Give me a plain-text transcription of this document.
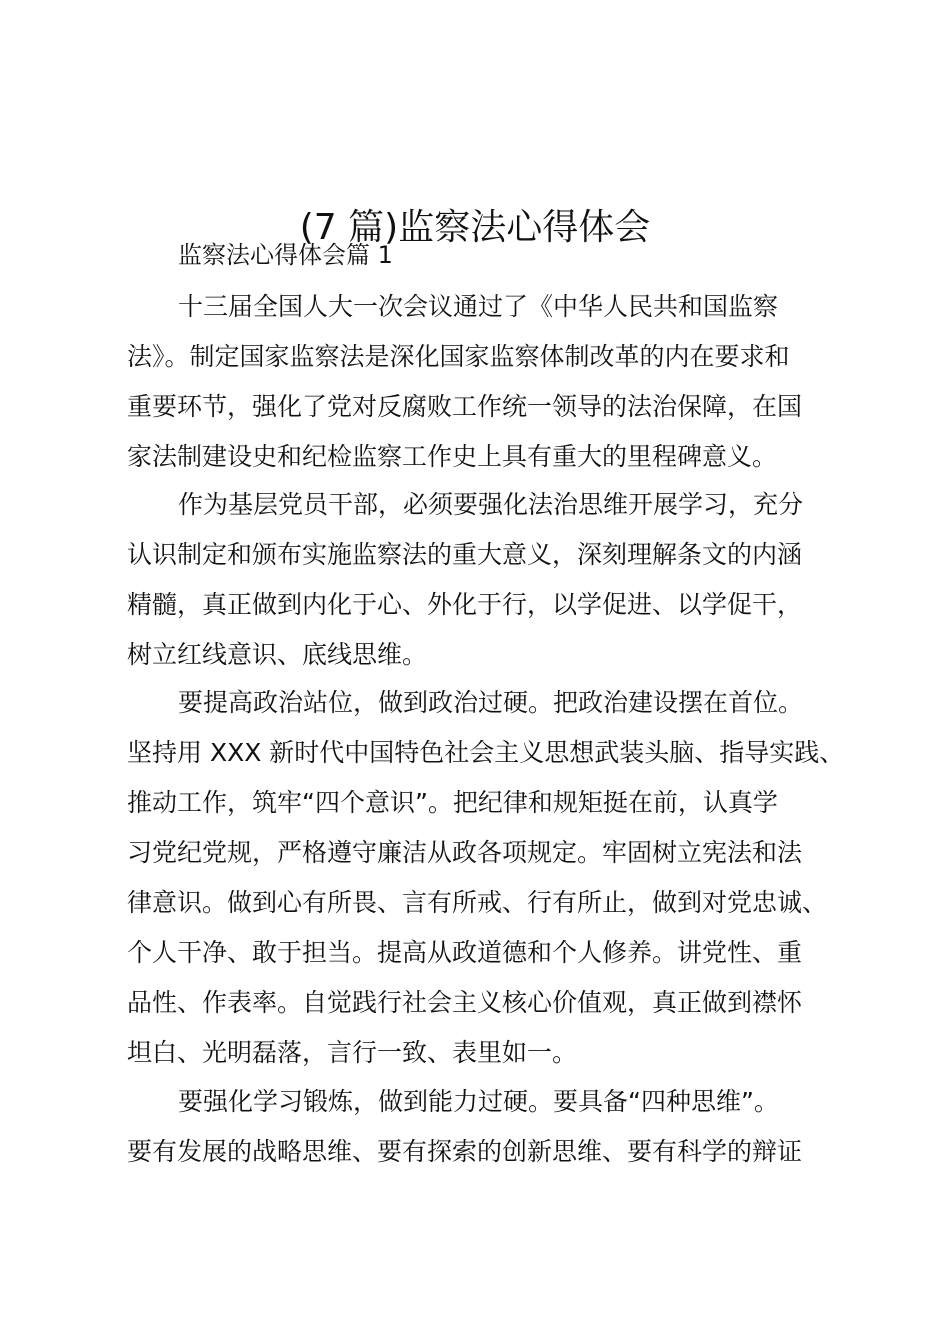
(7 篇)监察法心得体会
监察法心得体会篇 1
十三届全国人大一次会议通过了《中华人民共和国监察
法》。制定国家监察法是深化国家监察体制改革的内在要求和
重要环节，强化了党对反腐败工作统一领导的法治保障，在国
家法制建设史和纪检监察工作史上具有重大的里程碑意义。
作为基层党员干部，必须要强化法治思维开展学习，充分
认识制定和颁布实施监察法的重大意义，深刻理解条文的内涵
精髓，真正做到内化于心、外化于行，以学促进、以学促干，
树立红线意识、底线思维。
要提高政治站位，做到政治过硬。把政治建设摆在首位。
坚持用 XXX 新时代中国特色社会主义思想武装头脑、指导实践、
推动工作，筑牢“四个意识”。把纪律和规矩挺在前，认真学
习党纪党规，严格遵守廉洁从政各项规定。牢固树立宪法和法
律意识。做到心有所畏、言有所戒、行有所止，做到对党忠诚、
个人干净、敢于担当。提高从政道德和个人修养。讲党性、重
品性、作表率。自觉践行社会主义核心价值观，真正做到襟怀
坦白、光明磊落，言行一致、表里如一。
要强化学习锻炼，做到能力过硬。要具备“四种思维”。
要有发展的战略思维、要有探索的创新思维、要有科学的辩证
